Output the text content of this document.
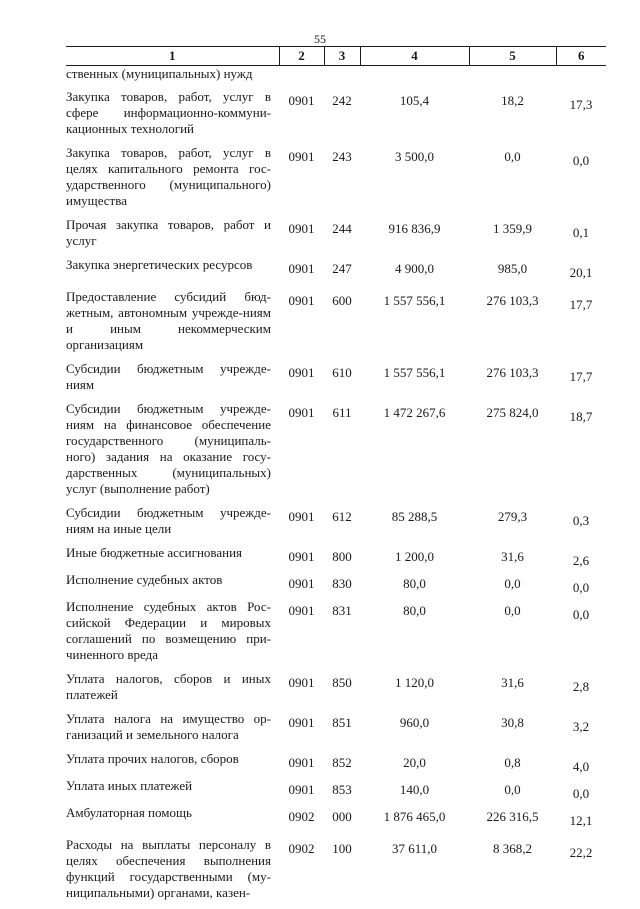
55
1	2	3	4	5	6
ственных (муниципальных) нужд					
Закупка товаров, работ, услуг в сфере информационно-коммуни-кационных технологий	0901	242	105,4	18,2	17,3
Закупка товаров, работ, услуг в целях капитального ремонта гос-ударственного (муниципального) имущества	0901	243	3 500,0	0,0	0,0
Прочая закупка товаров, работ и услуг	0901	244	916 836,9	1 359,9	0,1
Закупка энергетических ресурсов	0901	247	4 900,0	985,0	20,1
Предоставление субсидий бюд-жетным, автономным учрежде-ниям и иным некоммерческим организациям	0901	600	1 557 556,1	276 103,3	17,7
Субсидии бюджетным учрежде-ниям	0901	610	1 557 556,1	276 103,3	17,7
Субсидии бюджетным учрежде-ниям на финансовое обеспечение государственного (муниципаль-ного) задания на оказание госу-дарственных (муниципальных) услуг (выполнение работ)	0901	611	1 472 267,6	275 824,0	18,7
Субсидии бюджетным учрежде-ниям на иные цели	0901	612	85 288,5	279,3	0,3
Иные бюджетные ассигнования	0901	800	1 200,0	31,6	2,6
Исполнение судебных актов	0901	830	80,0	0,0	0,0
Исполнение судебных актов Рос-сийской Федерации и мировых соглашений по возмещению при-чиненного вреда	0901	831	80,0	0,0	0,0
Уплата налогов, сборов и иных платежей	0901	850	1 120,0	31,6	2,8
Уплата налога на имущество ор-ганизаций и земельного налога	0901	851	960,0	30,8	3,2
Уплата прочих налогов, сборов	0901	852	20,0	0,8	4,0
Уплата иных платежей	0901	853	140,0	0,0	0,0
Амбулаторная помощь	0902	000	1 876 465,0	226 316,5	12,1
Расходы на выплаты персоналу в целях обеспечения выполнения функций государственными (му-ниципальными) органами, казен-	0902	100	37 611,0	8 368,2	22,2
